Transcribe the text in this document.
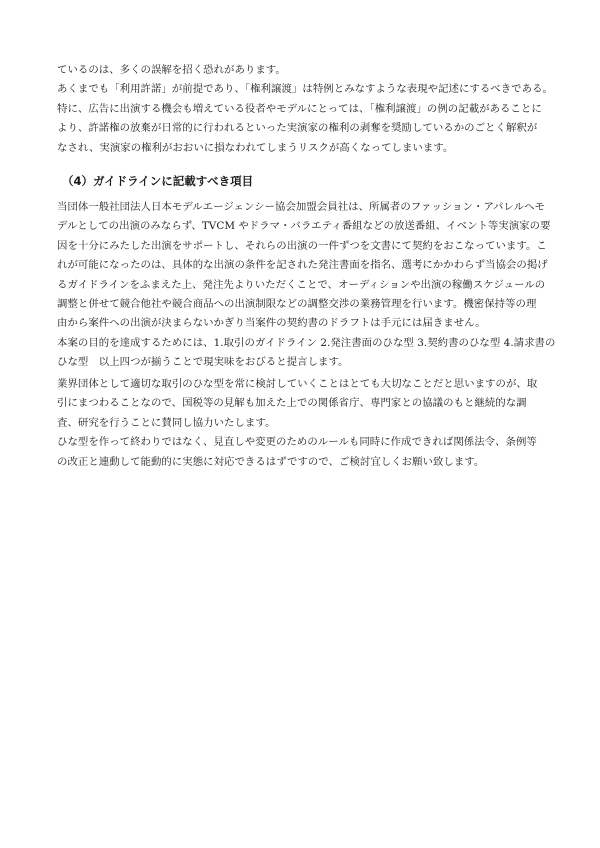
ているのは、多くの誤解を招く恐れがあります。
あくまでも「利用許諾」が前提であり、「権利譲渡」は特例とみなすような表現や記述にするべきである。
特に、広告に出演する機会も増えている役者やモデルにとっては、「権利譲渡」の例の記載があることに
より、許諾権の放棄が日常的に行われるといった実演家の権利の剥奪を奨励しているかのごとく解釈が
なされ、実演家の権利がおおいに損なわれてしまうリスクが高くなってしまいます。
（4）ガイドラインに記載すべき項目
当団体一般社団法人日本モデルエージェンシー協会加盟会員社は、所属者のファッション・アパレルへモ
デルとしての出演のみならず、TVCM やドラマ・バラエティ番組などの放送番組、イベント等実演家の要
因を十分にみたした出演をサポートし、それらの出演の一件ずつを文書にて契約をおこなっています。こ
れが可能になったのは、具体的な出演の条件を記された発注書面を指名、選考にかかわらず当協会の掲げ
るガイドラインをふまえた上、発注先よりいただくことで、オーディションや出演の稼働スケジュールの
調整と併せて競合他社や競合商品への出演制限などの調整交渉の業務管理を行います。機密保持等の理
由から案件への出演が決まらないかぎり当案件の契約書のドラフトは手元には届きません。
本案の目的を達成するためには、1.取引のガイドライン 2.発注書面のひな型 3.契約書のひな型 4.請求書の
ひな型　以上四つが揃うことで現実味をおびると提言します。
業界団体として適切な取引のひな型を常に検討していくことはとても大切なことだと思いますのが、取
引にまつわることなので、国税等の見解も加えた上での関係省庁、専門家との協議のもと継続的な調
査、研究を行うことに賛同し協力いたします。
ひな型を作って終わりではなく、見直しや変更のためのルールも同時に作成できれば関係法令、条例等
の改正と連動して能動的に実態に対応できるはずですので、ご検討宜しくお願い致します。
